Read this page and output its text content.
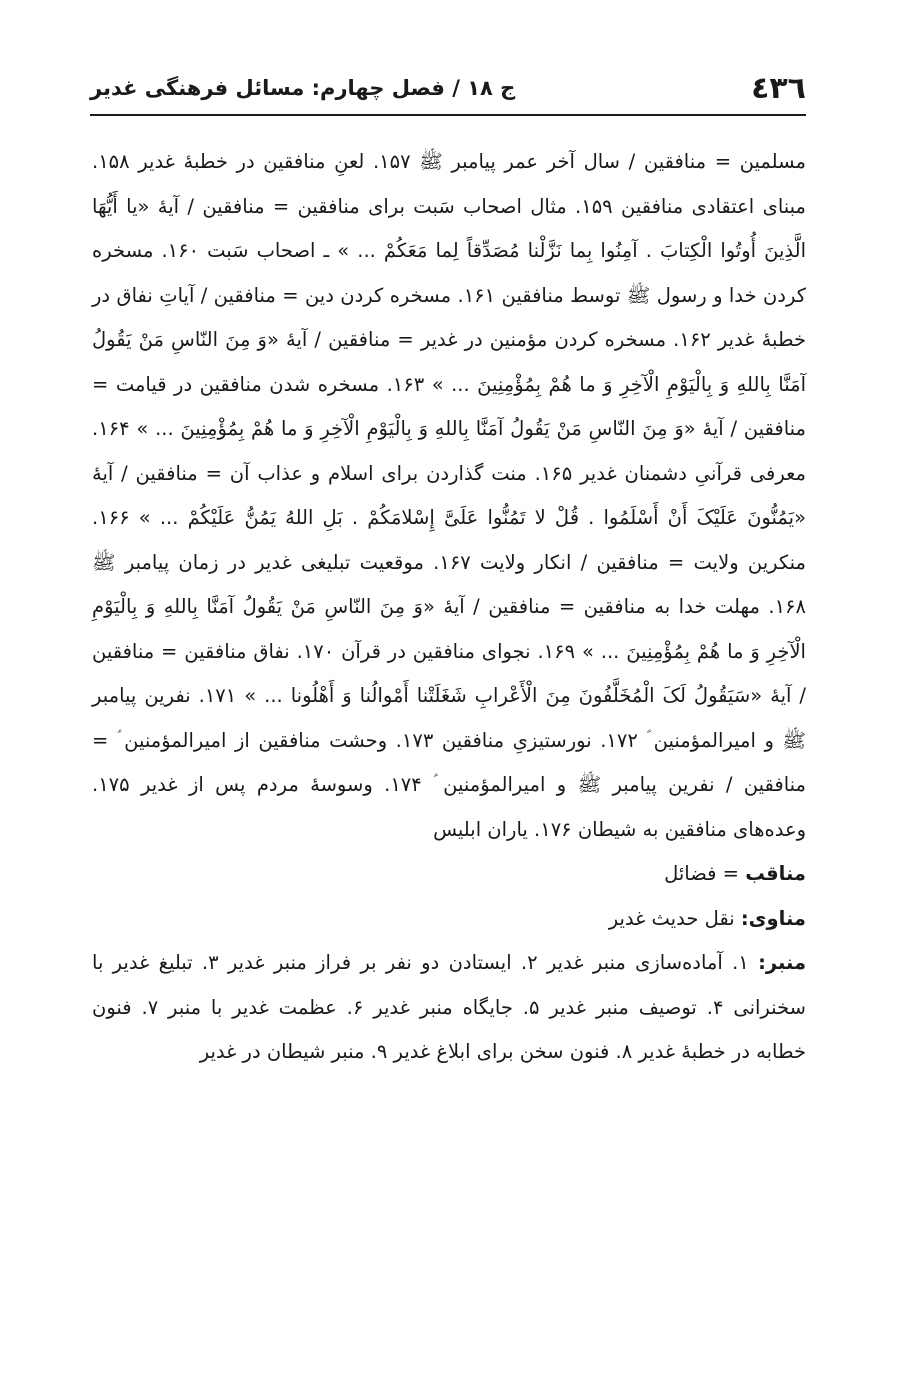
٤٣٦
ج ۱۸ / فصل چهارم: مسائل فرهنگی غدیر

مسلمین = منافقین / سال آخر عمر پیامبر ﷺ ۱۵۷. لعنِ منافقین در خطبۀ غدیر ۱۵۸. مبنای اعتقادی منافقین ۱۵۹. مثال اصحاب سَبت برای منافقین = منافقین / آیۀ «یا أَیُّهَا الَّذِینَ أُوتُوا الْکِتابَ . آمِنُوا بِما نَزَّلْنا مُصَدِّقاً لِما مَعَکُمْ ... » ـ اصحاب سَبت ۱۶۰. مسخره کردن خدا و رسول ﷺ توسط منافقین ۱۶۱. مسخره کردن دین = منافقین / آیاتِ نفاق در خطبۀ غدیر ۱۶۲. مسخره کردن مؤمنین در غدیر = منافقین / آیۀ «وَ مِنَ النّاسِ مَنْ یَقُولُ آمَنَّا بِاللهِ وَ بِالْیَوْمِ الْآخِرِ وَ ما هُمْ بِمُؤْمِنِینَ ... » ۱۶۳. مسخره شدن منافقین در قیامت = منافقین / آیۀ «وَ مِنَ النّاسِ مَنْ یَقُولُ آمَنَّا بِاللهِ وَ بِالْیَوْمِ الْآخِرِ وَ ما هُمْ بِمُؤْمِنِینَ ... » ۱۶۴. معرفی قرآنیِ دشمنان غدیر ۱۶۵. منت گذاردن برای اسلام و عذاب آن = منافقین / آیۀ «یَمُنُّونَ عَلَیْکَ أَنْ أَسْلَمُوا . قُلْ لا تَمُنُّوا عَلَیَّ إِسْلامَکُمْ . بَلِ اللهُ یَمُنُّ عَلَیْکُمْ ... » ۱۶۶. منکرین ولایت = منافقین / انکار ولایت ۱۶۷. موقعیت تبلیغی غدیر در زمان پیامبر ﷺ ۱۶۸. مهلت خدا به منافقین = منافقین / آیۀ «وَ مِنَ النّاسِ مَنْ یَقُولُ آمَنَّا بِاللهِ وَ بِالْیَوْمِ الْآخِرِ وَ ما هُمْ بِمُؤْمِنِینَ ... » ۱۶۹. نجوای منافقین در قرآن ۱۷۰. نفاق منافقین = منافقین / آیۀ «سَیَقُولُ لَکَ الْمُخَلَّفُونَ مِنَ الْأَعْرابِ شَغَلَتْنا أَمْوالُنا وَ أَهْلُونا ... » ۱۷۱. نفرین پیامبر ﷺ و امیرالمؤمنین ؑ ۱۷۲. نورستیزیِ منافقین ۱۷۳. وحشت منافقین از امیرالمؤمنین ؑ = منافقین / نفرین پیامبر ﷺ و امیرالمؤمنین ؑ ۱۷۴. وسوسۀ مردم پس از غدیر ۱۷۵. وعده‌های منافقین به شیطان ۱۷۶. یاران ابلیس

مناقب = فضائل

مناوی: نقل حدیث غدیر

منبر: ۱. آماده‌سازی منبر غدیر ۲. ایستادن دو نفر بر فراز منبر غدیر ۳. تبلیغ غدیر با سخنرانی ۴. توصیف منبر غدیر ۵. جایگاه منبر غدیر ۶. عظمت غدیر با منبر ۷. فنون خطابه در خطبۀ غدیر ۸. فنون سخن برای ابلاغ غدیر ۹. منبر شیطان در غدیر
